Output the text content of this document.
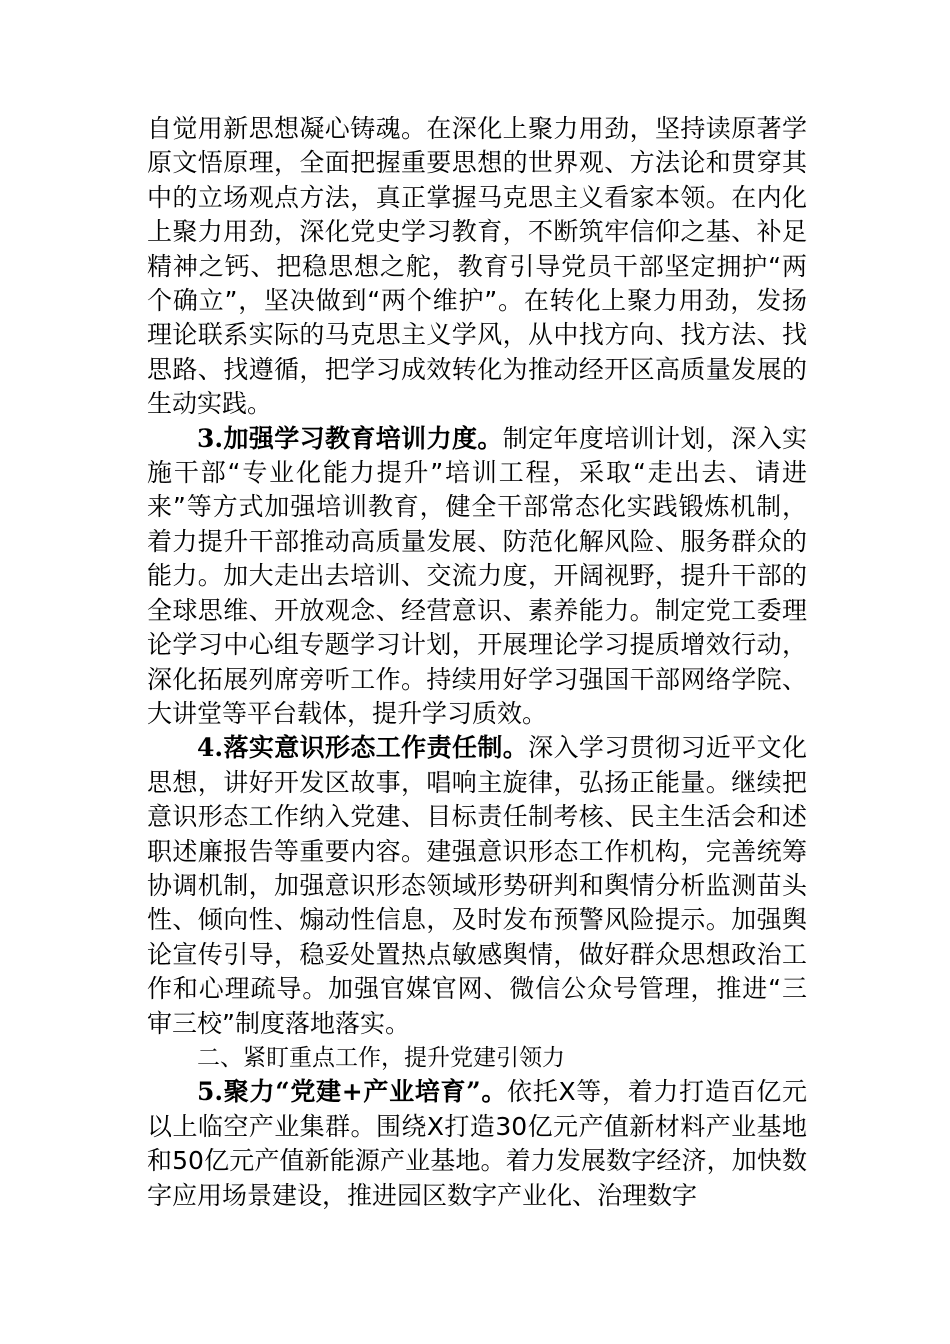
自觉用新思想凝心铸魂。在深化上聚力用劲，坚持读原著学原文悟原理，全面把握重要思想的世界观、方法论和贯穿其中的立场观点方法，真正掌握马克思主义看家本领。在内化上聚力用劲，深化党史学习教育，不断筑牢信仰之基、补足精神之钙、把稳思想之舵，教育引导党员干部坚定拥护“两个确立”，坚决做到“两个维护”。在转化上聚力用劲，发扬理论联系实际的马克思主义学风，从中找方向、找方法、找思路、找遵循，把学习成效转化为推动经开区高质量发展的生动实践。

3.加强学习教育培训力度。制定年度培训计划，深入实施干部“专业化能力提升”培训工程，采取“走出去、请进来”等方式加强培训教育，健全干部常态化实践锻炼机制，着力提升干部推动高质量发展、防范化解风险、服务群众的能力。加大走出去培训、交流力度，开阔视野，提升干部的全球思维、开放观念、经营意识、素养能力。制定党工委理论学习中心组专题学习计划，开展理论学习提质增效行动，深化拓展列席旁听工作。持续用好学习强国干部网络学院、大讲堂等平台载体，提升学习质效。

4.落实意识形态工作责任制。深入学习贯彻习近平文化思想，讲好开发区故事，唱响主旋律，弘扬正能量。继续把意识形态工作纳入党建、目标责任制考核、民主生活会和述职述廉报告等重要内容。建强意识形态工作机构，完善统筹协调机制，加强意识形态领域形势研判和舆情分析监测苗头性、倾向性、煽动性信息，及时发布预警风险提示。加强舆论宣传引导，稳妥处置热点敏感舆情，做好群众思想政治工作和心理疏导。加强官媒官网、微信公众号管理，推进“三审三校”制度落地落实。

二、紧盯重点工作，提升党建引领力

5.聚力“党建+产业培育”。依托X等，着力打造百亿元以上临空产业集群。围绕X打造30亿元产值新材料产业基地和50亿元产值新能源产业基地。着力发展数字经济，加快数字应用场景建设，推进园区数字产业化、治理数字
